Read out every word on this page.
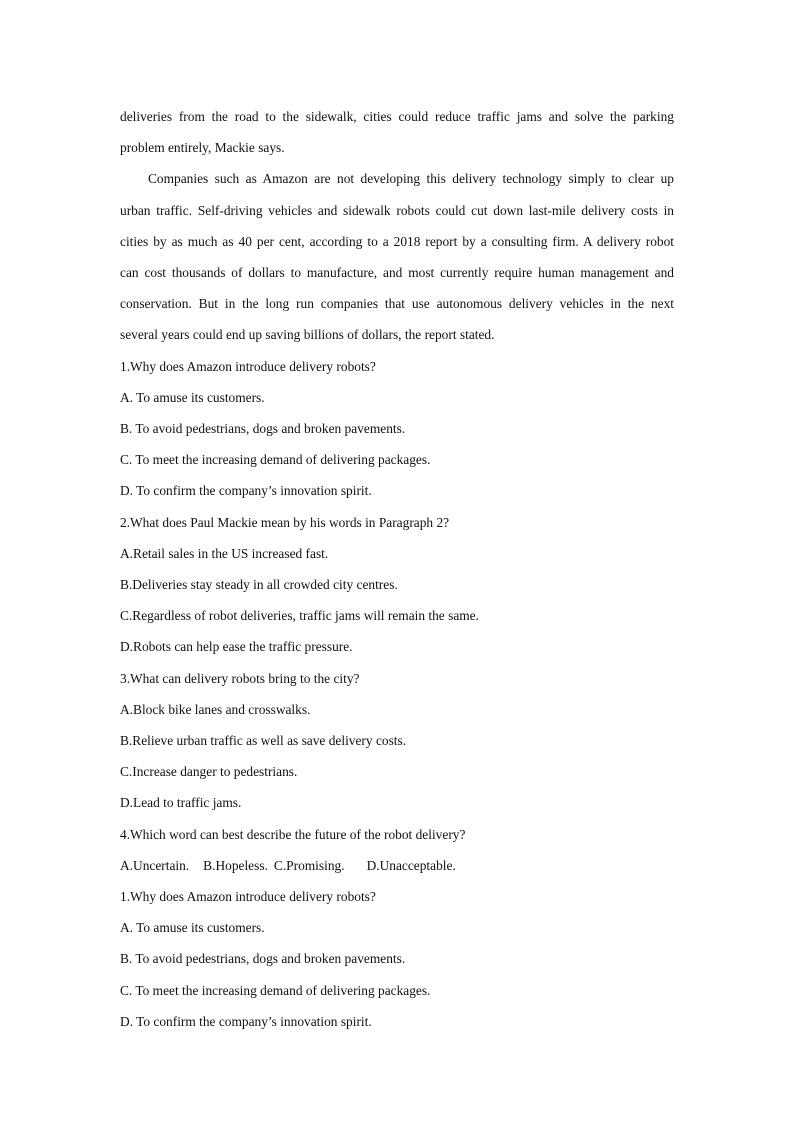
deliveries from the road to the sidewalk, cities could reduce traffic jams and solve the parking
problem entirely, Mackie says.

Companies such as Amazon are not developing this delivery technology simply to clear up
urban traffic. Self-driving vehicles and sidewalk robots could cut down last-mile delivery costs in
cities by as much as 40 per cent, according to a 2018 report by a consulting firm. A delivery robot
can cost thousands of dollars to manufacture, and most currently require human management and
conservation. But in the long run companies that use autonomous delivery vehicles in the next
several years could end up saving billions of dollars, the report stated.

1.Why does Amazon introduce delivery robots?

A. To amuse its customers.

B. To avoid pedestrians, dogs and broken pavements.

C. To meet the increasing demand of delivering packages.

D. To confirm the company’s innovation spirit.

2.What does Paul Mackie mean by his words in Paragraph 2?

A.Retail sales in the US increased fast.

B.Deliveries stay steady in all crowded city centres.

C.Regardless of robot deliveries, traffic jams will remain the same.

D.Robots can help ease the traffic pressure.

3.What can delivery robots bring to the city?

A.Block bike lanes and crosswalks.

B.Relieve urban traffic as well as save delivery costs.

C.Increase danger to pedestrians.

D.Lead to traffic jams.

4.Which word can best describe the future of the robot delivery?

A.Uncertain. B.Hopeless. C.Promising. D.Unacceptable.

1.Why does Amazon introduce delivery robots?

A. To amuse its customers.

B. To avoid pedestrians, dogs and broken pavements.

C. To meet the increasing demand of delivering packages.

D. To confirm the company’s innovation spirit.
